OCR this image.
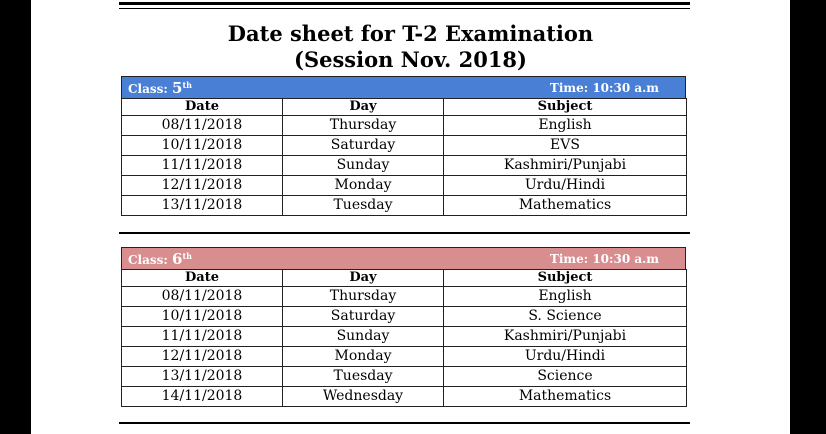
Date sheet for T-2 Examination
(Session Nov. 2018)
Class: 5th	Time: 10:30 a.m
Date	Day	Subject
08/11/2018	Thursday	English
10/11/2018	Saturday	EVS
11/11/2018	Sunday	Kashmiri/Punjabi
12/11/2018	Monday	Urdu/Hindi
13/11/2018	Tuesday	Mathematics
Class: 6th	Time: 10:30 a.m
Date	Day	Subject
08/11/2018	Thursday	English
10/11/2018	Saturday	S. Science
11/11/2018	Sunday	Kashmiri/Punjabi
12/11/2018	Monday	Urdu/Hindi
13/11/2018	Tuesday	Science
14/11/2018	Wednesday	Mathematics
